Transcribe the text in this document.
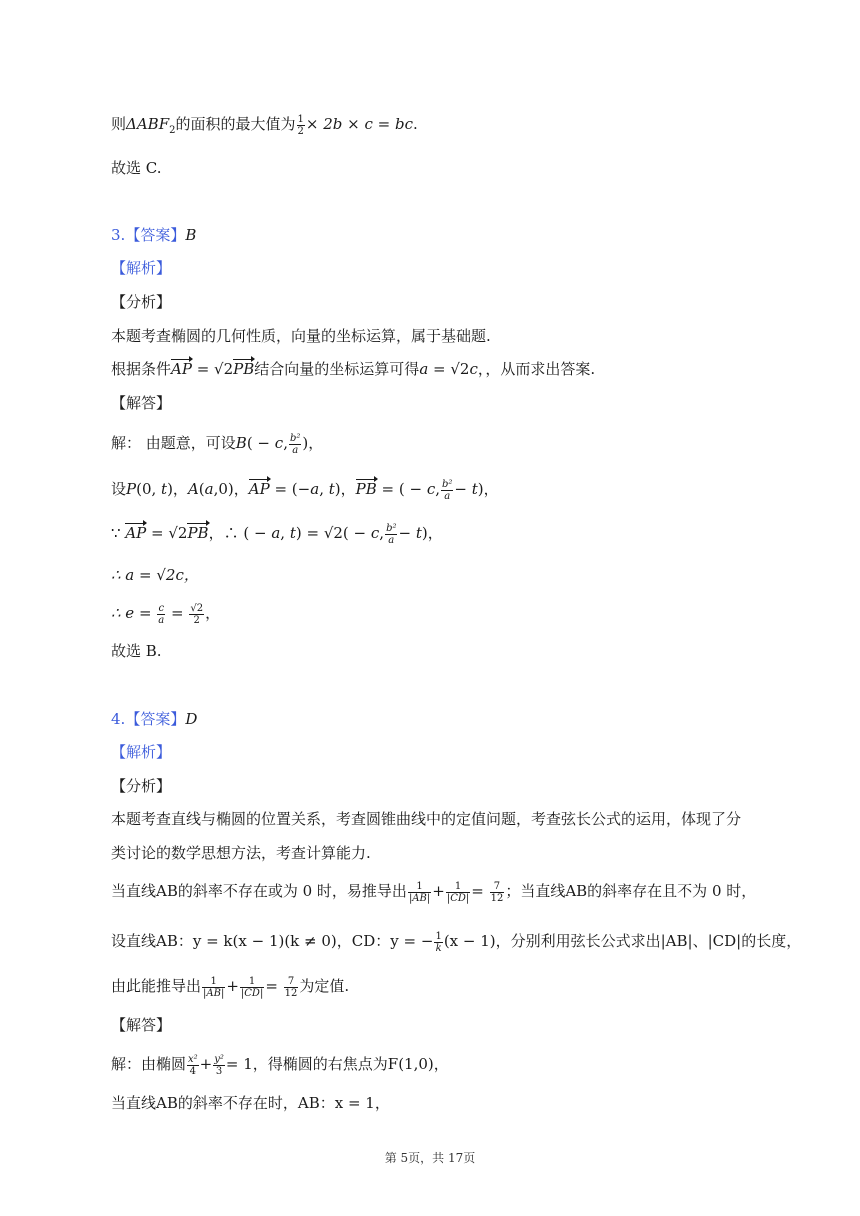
则$\Delta ABF_2$的面积的最大值为 $\frac{1}{2} \times 2b \times c$ = bc.
故选 C.
3.【答案】B
【解析】
【分析】
本题考查椭圆的几何性质，向量的坐标运算，属于基础题.
根据条件AP = √2PB结合向量的坐标运算可得a = √2c，，从而求出答案.
【解答】
解： 由题意，可设B( − c, $\frac{\text{b²}}{a}$ )，
设P(0, t)，A(a,0)，AP = (−a, t)，PB = ( − c, $\frac{\text{b²}}{a} - t$)，
∵ AP = √2PB，∴ ( − a, t) = √2( − c, $\frac{\text{b²}}{a} - t$)，
∴ a = √2c，
∴ $e = \frac{c}{a} = \frac{√2}{2}$ ，
故选 B.
4.【答案】D
【解析】
【分析】
本题考查直线与椭圆的位置关系，考查圆锥曲线中的定值问题，考查弦长公式的运用，体现了分
类讨论的数学思想方法，考查计算能力.
当直线AB的斜率不存在或为 0 时，易推导出 $\frac{1}{|AB|} + \frac{1}{|CD|} = \frac{7}{12}$ ；当直线AB的斜率存在且不为 0 时，
设直线AB：y = k(x − 1)(k ≠ 0)，CD：y = − $\frac{1}{k} (x - 1)$，分别利用弦长公式求出|AB|、|CD|的长度，
由此能推导出 $\frac{1}{|AB|} + \frac{1}{|CD|} = \frac{7}{12}$ 为定值.
【解答】
解：由椭圆 $\frac{\text{x²}}{4} + \frac{\text{y²}}{3} = 1$，得椭圆的右焦点为F(1,0)，
当直线AB的斜率不存在时，AB：x = 1，
第 5页，共 17页
